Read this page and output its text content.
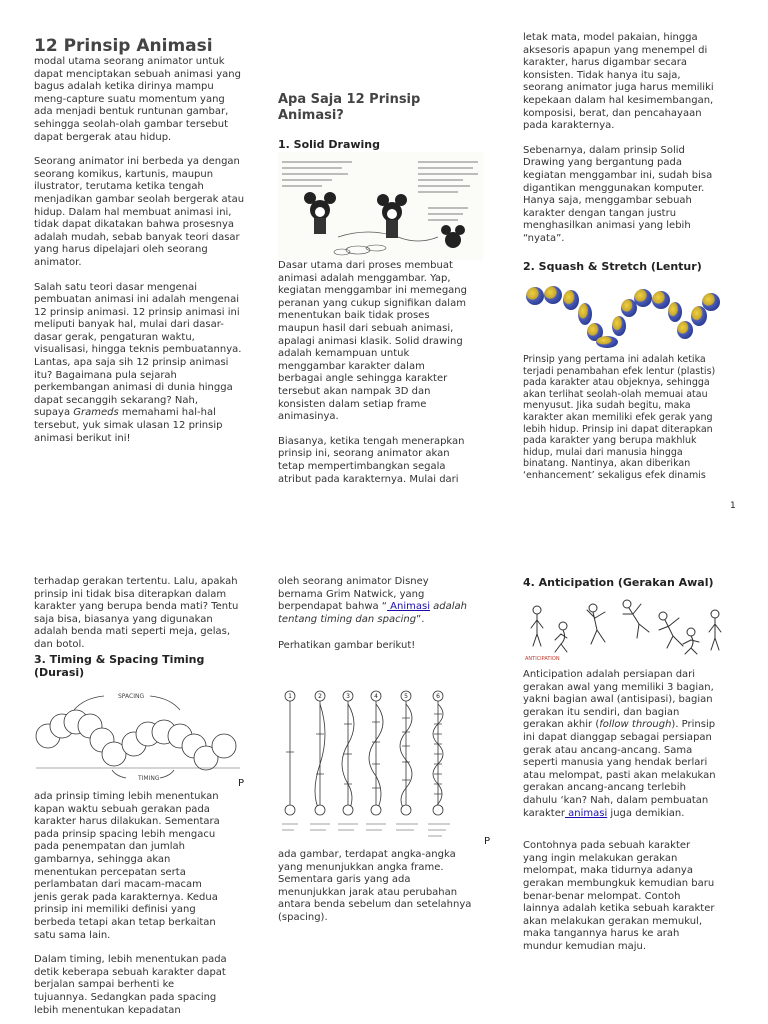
12 Prinsip Animasi

modal utama seorang animator untuk
dapat menciptakan sebuah animasi yang
bagus adalah ketika dirinya mampu
meng-capture suatu momentum yang
ada menjadi bentuk runtunan gambar,
sehingga seolah-olah gambar tersebut
dapat bergerak atau hidup.

Seorang animator ini berbeda ya dengan
seorang komikus, kartunis, maupun
ilustrator, terutama ketika tengah
menjadikan gambar seolah bergerak atau
hidup. Dalam hal membuat animasi ini,
tidak dapat dikatakan bahwa prosesnya
adalah mudah, sebab banyak teori dasar
yang harus dipelajari oleh seorang
animator.

Salah satu teori dasar mengenai
pembuatan animasi ini adalah mengenai
12 prinsip animasi. 12 prinsip animasi ini
meliputi banyak hal, mulai dari dasar-
dasar gerak, pengaturan waktu,
visualisasi, hingga teknis pembuatannya.
Lantas, apa saja sih 12 prinsip animasi
itu? Bagaimana pula sejarah
perkembangan animasi di dunia hingga
dapat secanggih sekarang? Nah,
supaya Grameds memahami hal-hal
tersebut, yuk simak ulasan 12 prinsip
animasi berikut ini!

Apa Saja 12 Prinsip
Animasi?
1. Solid Drawing

Dasar utama dari proses membuat
animasi adalah menggambar. Yap,
kegiatan menggambar ini memegang
peranan yang cukup signifikan dalam
menentukan baik tidak proses
maupun hasil dari sebuah animasi,
apalagi animasi klasik. Solid drawing
adalah kemampuan untuk
menggambar karakter dalam
berbagai angle sehingga karakter
tersebut akan nampak 3D dan
konsisten dalam setiap frame
animasinya.

Biasanya, ketika tengah menerapkan
prinsip ini, seorang animator akan
tetap mempertimbangkan segala
atribut pada karakternya. Mulai dari

letak mata, model pakaian, hingga
aksesoris apapun yang menempel di
karakter, harus digambar secara
konsisten. Tidak hanya itu saja,
seorang animator juga harus memiliki
kepekaan dalam hal kesimembangan,
komposisi, berat, dan pencahayaan
pada karakternya.

Sebenarnya, dalam prinsip Solid
Drawing yang bergantung pada
kegiatan menggambar ini, sudah bisa
digantikan menggunakan komputer.
Hanya saja, menggambar sebuah
karakter dengan tangan justru
menghasilkan animasi yang lebih
“nyata”.

2. Squash & Stretch (Lentur)

Prinsip yang pertama ini adalah ketika
terjadi penambahan efek lentur (plastis)
pada karakter atau objeknya, sehingga
akan terlihat seolah-olah memuai atau
menyusut. Jika sudah begitu, maka
karakter akan memiliki efek gerak yang
lebih hidup. Prinsip ini dapat diterapkan
pada karakter yang berupa makhluk
hidup, mulai dari manusia hingga
binatang. Nantinya, akan diberikan
‘enhancement’ sekaligus efek dinamis

1

terhadap gerakan tertentu. Lalu, apakah
prinsip ini tidak bisa diterapkan dalam
karakter yang berupa benda mati? Tentu
saja bisa, biasanya yang digunakan
adalah benda mati seperti meja, gelas,
dan botol.

3. Timing & Spacing Timing
(Durasi)
SPACING
TIMING	P

ada prinsip timing lebih menentukan
kapan waktu sebuah gerakan pada
karakter harus dilakukan. Sementara
pada prinsip spacing lebih mengacu
pada penempatan dan jumlah
gambarnya, sehingga akan
menentukan percepatan serta
perlambatan dari macam-macam
jenis gerak pada karakternya. Kedua
prinsip ini memiliki definisi yang
berbeda tetapi akan tetap berkaitan
satu sama lain.

Dalam timing, lebih menentukan pada
detik keberapa sebuah karakter dapat
berjalan sampai berhenti ke
tujuannya. Sedangkan pada spacing
lebih menentukan kepadatan

oleh seorang animator Disney
bernama Grim Natwick, yang
berpendapat bahwa “ Animasi adalah
tentang timing dan spacing”.

Perhatikan gambar berikut!

1	2	3	4	5	6
P

ada gambar, terdapat angka-angka
yang menunjukkan angka frame.
Sementara garis yang ada
menunjukkan jarak atau perubahan
antara benda sebelum dan setelahnya
(spacing).

4. Anticipation (Gerakan Awal)
ANTICIPATION

Anticipation adalah persiapan dari
gerakan awal yang memiliki 3 bagian,
yakni bagian awal (antisipasi), bagian
gerakan itu sendiri, dan bagian
gerakan akhir (follow through). Prinsip
ini dapat dianggap sebagai persiapan
gerak atau ancang-ancang. Sama
seperti manusia yang hendak berlari
atau melompat, pasti akan melakukan
gerakan ancang-ancang terlebih
dahulu ‘kan? Nah, dalam pembuatan
karakter animasi juga demikian.

Contohnya pada sebuah karakter
yang ingin melakukan gerakan
melompat, maka tidurnya adanya
gerakan membungkuk kemudian baru
benar-benar melompat. Contoh
lainnya adalah ketika sebuah karakter
akan melakukan gerakan memukul,
maka tangannya harus ke arah
mundur kemudian maju.
